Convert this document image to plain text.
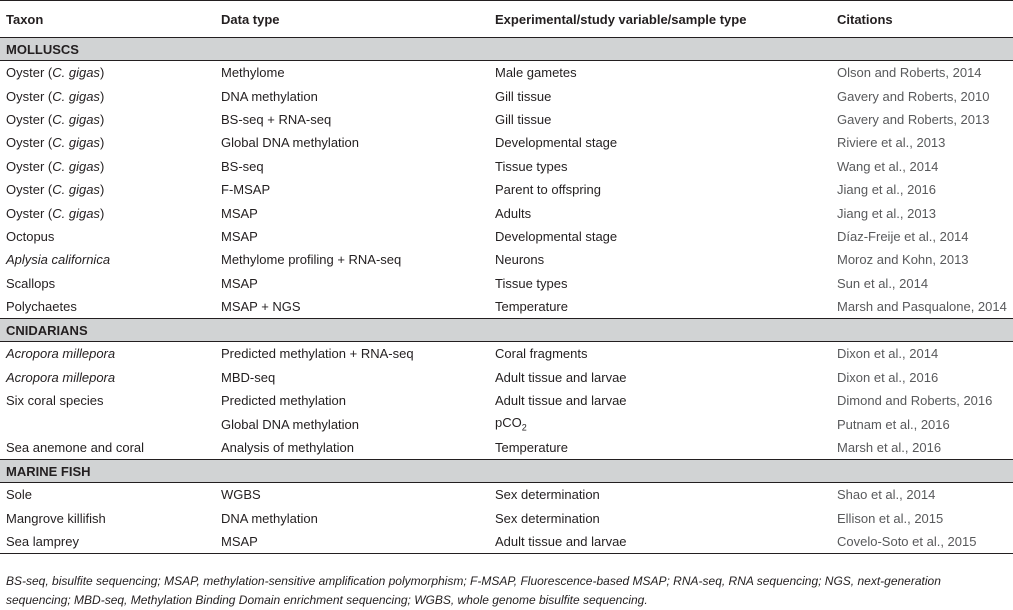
Taxon	Data type	Experimental/study variable/sample type	Citations
MOLLUSCS			
Oyster (C. gigas)	Methylome	Male gametes	Olson and Roberts, 2014
Oyster (C. gigas)	DNA methylation	Gill tissue	Gavery and Roberts, 2010
Oyster (C. gigas)	BS-seq + RNA-seq	Gill tissue	Gavery and Roberts, 2013
Oyster (C. gigas)	Global DNA methylation	Developmental stage	Riviere et al., 2013
Oyster (C. gigas)	BS-seq	Tissue types	Wang et al., 2014
Oyster (C. gigas)	F-MSAP	Parent to offspring	Jiang et al., 2016
Oyster (C. gigas)	MSAP	Adults	Jiang et al., 2013
Octopus	MSAP	Developmental stage	Díaz-Freije et al., 2014
Aplysia californica	Methylome profiling + RNA-seq	Neurons	Moroz and Kohn, 2013
Scallops	MSAP	Tissue types	Sun et al., 2014
Polychaetes	MSAP + NGS	Temperature	Marsh and Pasqualone, 2014
CNIDARIANS			
Acropora millepora	Predicted methylation + RNA-seq	Coral fragments	Dixon et al., 2014
Acropora millepora	MBD-seq	Adult tissue and larvae	Dixon et al., 2016
Six coral species	Predicted methylation	Adult tissue and larvae	Dimond and Roberts, 2016
	Global DNA methylation	pCO$_2$	Putnam et al., 2016
Sea anemone and coral	Analysis of methylation	Temperature	Marsh et al., 2016
MARINE FISH			
Sole	WGBS	Sex determination	Shao et al., 2014
Mangrove killifish	DNA methylation	Sex determination	Ellison et al., 2015
Sea lamprey	MSAP	Adult tissue and larvae	Covelo-Soto et al., 2015
BS-seq, bisulfite sequencing; MSAP, methylation-sensitive amplification polymorphism; F-MSAP, Fluorescence-based MSAP; RNA-seq, RNA sequencing; NGS, next-generation sequencing; MBD-seq, Methylation Binding Domain enrichment sequencing; WGBS, whole genome bisulfite sequencing.
